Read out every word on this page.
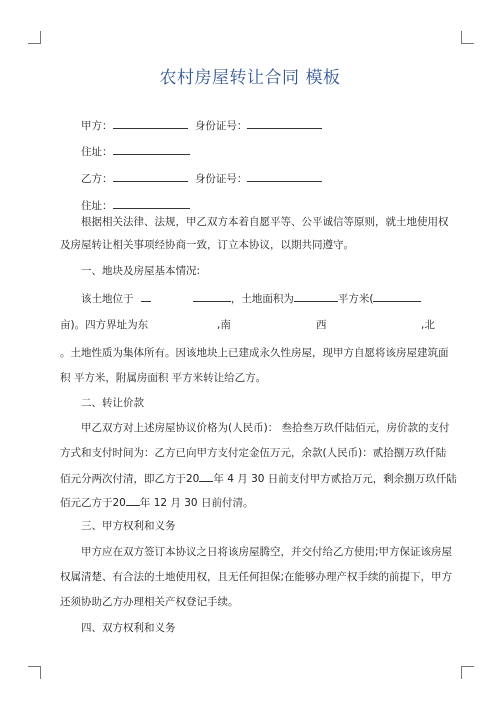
农村房屋转让合同 模板
甲方：	身份证号：
住址：
乙方：	身份证号：
住址：
根据相关法律、法规，甲乙双方本着自愿平等、公平诚信等原则，就土地使用权
及房屋转让相关事项经协商一致，订立本协议，以期共同遵守。
一、地块及房屋基本情况:
该土地位于	，土地面积为	平方米(
亩)。四方界址为东	,南	西	,北
。土地性质为集体所有。因该地块上已建成永久性房屋，现甲方自愿将该房屋建筑面
积 平方米，附属房面积 平方米转让给乙方。
二、转让价款
甲乙双方对上述房屋协议价格为(人民币)： 叁拾叁万玖仟陆佰元，房价款的支付
方式和支付时间为：乙方已向甲方支付定金伍万元，余款(人民币)：贰拾捌万玖仟陆
佰元分两次付清，即乙方于20 年 4 月 30 日前支付甲方贰拾万元，剩余捌万玖仟陆
佰元乙方于20 年 12 月 30 日前付清。
三、甲方权利和义务
甲方应在双方签订本协议之日将该房屋腾空，并交付给乙方使用;甲方保证该房屋
权属清楚、有合法的土地使用权，且无任何担保;在能够办理产权手续的前提下，甲方
还须协助乙方办理相关产权登记手续。
四、双方权利和义务
